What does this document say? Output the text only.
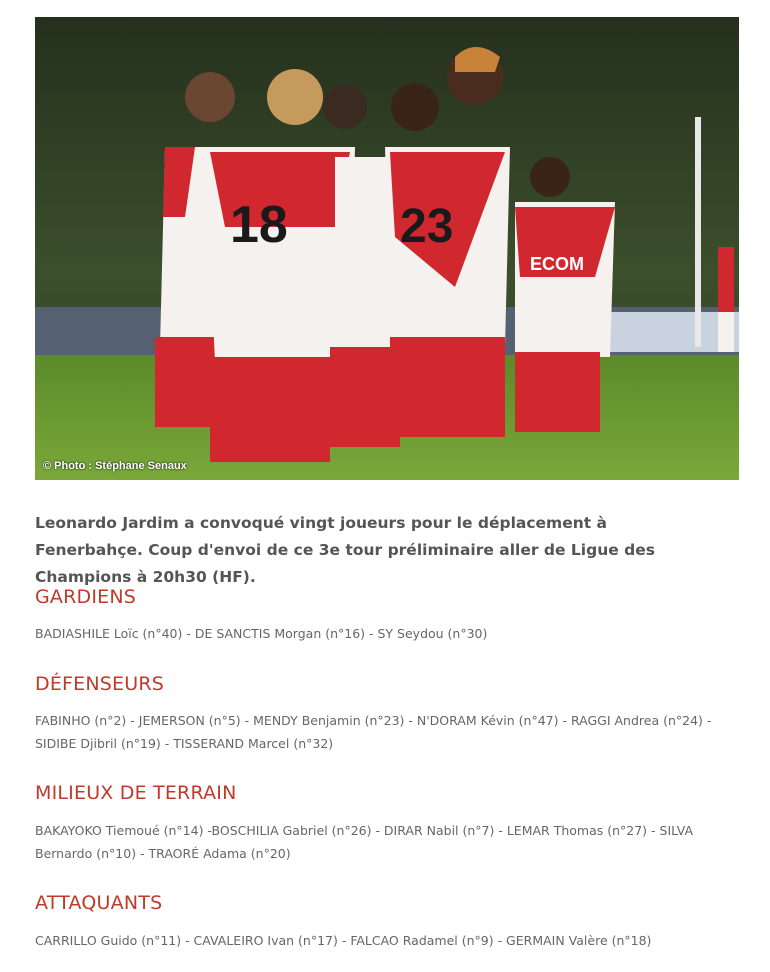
18 23
ECOM
© Photo : Stéphane Senaux

Leonardo Jardim a convoqué vingt joueurs pour le déplacement à Fenerbahçe. Coup d'envoi de ce 3e tour préliminaire aller de Ligue des Champions à 20h30 (HF).

GARDIENS

BADIASHILE Loïc (n°40) - DE SANCTIS Morgan (n°16) - SY Seydou (n°30)

DÉFENSEURS

FABINHO (n°2) - JEMERSON (n°5) - MENDY Benjamin (n°23) - N'DORAM Kévin (n°47) - RAGGI Andrea (n°24) - SIDIBE Djibril (n°19) - TISSERAND Marcel (n°32)

MILIEUX DE TERRAIN

BAKAYOKO Tiemoué (n°14) -BOSCHILIA Gabriel (n°26) - DIRAR Nabil (n°7) - LEMAR Thomas (n°27) - SILVA Bernardo (n°10) - TRAORÉ Adama (n°20)

ATTAQUANTS

CARRILLO Guido (n°11) - CAVALEIRO Ivan (n°17) - FALCAO Radamel (n°9) - GERMAIN Valère (n°18)
